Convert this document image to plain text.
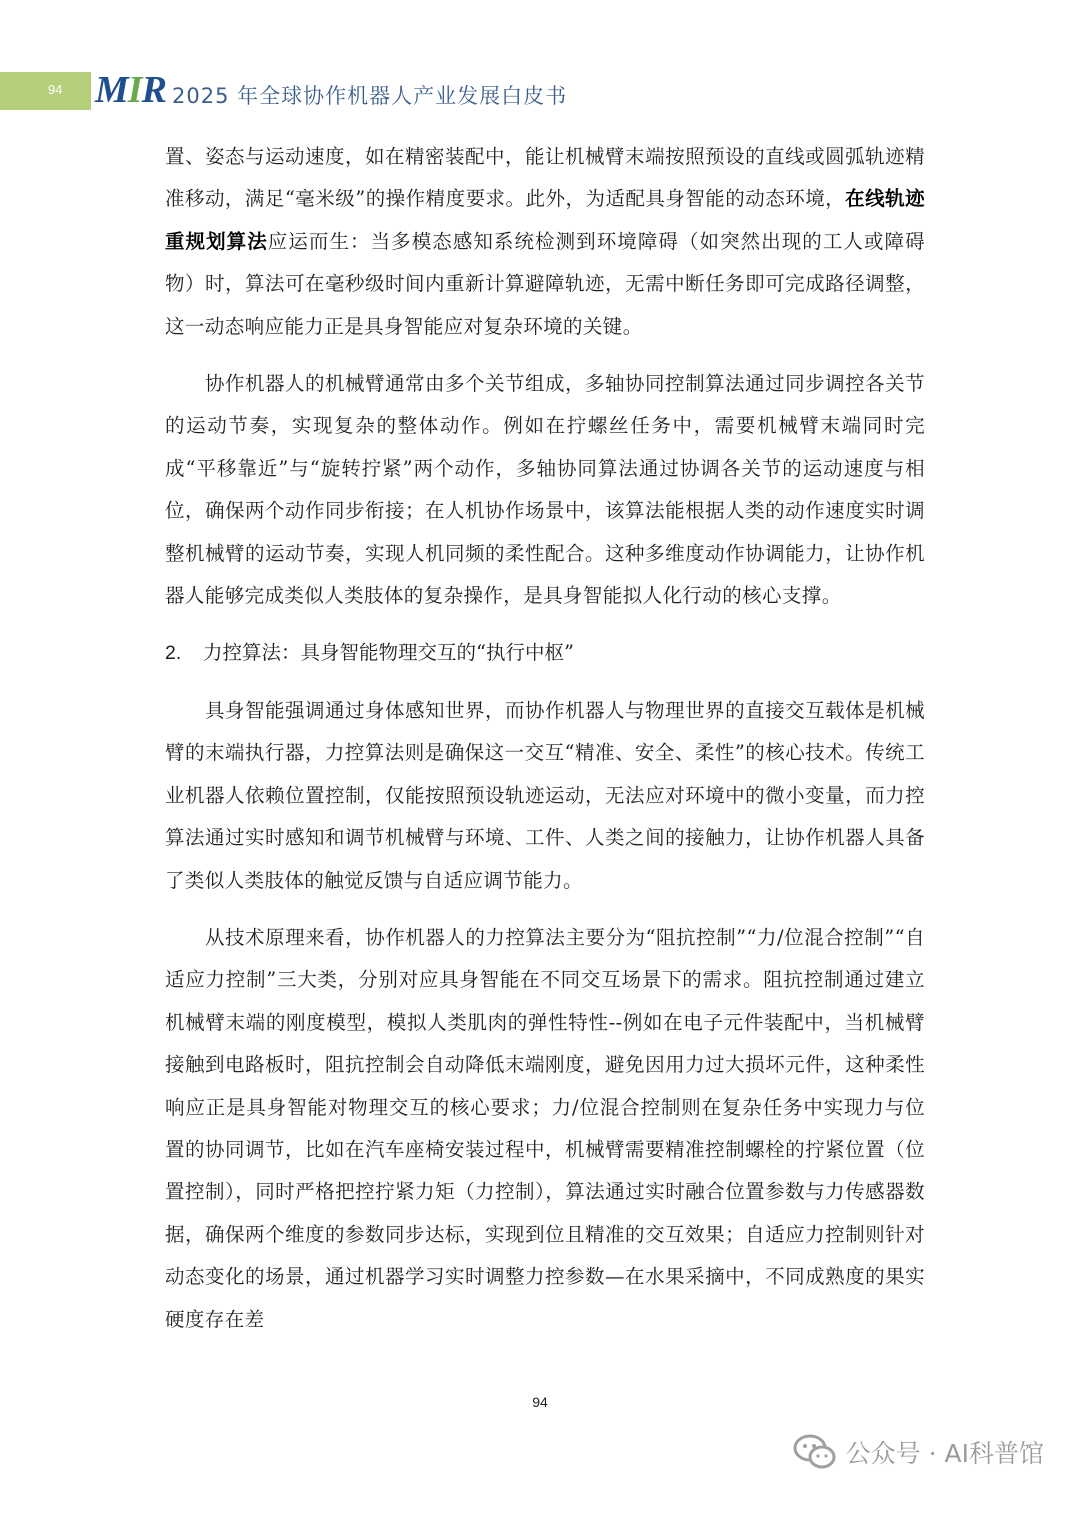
94 MIR 2025 年全球协作机器人产业发展白皮书

置、姿态与运动速度，如在精密装配中，能让机械臂末端按照预设的直线或圆弧轨迹精准移动，满足“毫米级”的操作精度要求。此外，为适配具身智能的动态环境，在线轨迹重规划算法应运而生：当多模态感知系统检测到环境障碍（如突然出现的工人或障碍物）时，算法可在毫秒级时间内重新计算避障轨迹，无需中断任务即可完成路径调整，这一动态响应能力正是具身智能应对复杂环境的关键。

协作机器人的机械臂通常由多个关节组成，多轴协同控制算法通过同步调控各关节的运动节奏，实现复杂的整体动作。例如在拧螺丝任务中，需要机械臂末端同时完成“平移靠近”与“旋转拧紧”两个动作，多轴协同算法通过协调各关节的运动速度与相位，确保两个动作同步衔接；在人机协作场景中，该算法能根据人类的动作速度实时调整机械臂的运动节奏，实现人机同频的柔性配合。这种多维度动作协调能力，让协作机器人能够完成类似人类肢体的复杂操作，是具身智能拟人化行动的核心支撑。

2. 力控算法：具身智能物理交互的“执行中枢”

具身智能强调通过身体感知世界，而协作机器人与物理世界的直接交互载体是机械臂的末端执行器，力控算法则是确保这一交互“精准、安全、柔性”的核心技术。传统工业机器人依赖位置控制，仅能按照预设轨迹运动，无法应对环境中的微小变量，而力控算法通过实时感知和调节机械臂与环境、工件、人类之间的接触力，让协作机器人具备了类似人类肢体的触觉反馈与自适应调节能力。

从技术原理来看，协作机器人的力控算法主要分为“阻抗控制”“力/位混合控制”“自适应力控制”三大类，分别对应具身智能在不同交互场景下的需求。阻抗控制通过建立机械臂末端的刚度模型，模拟人类肌肉的弹性特性--例如在电子元件装配中，当机械臂接触到电路板时，阻抗控制会自动降低末端刚度，避免因用力过大损坏元件，这种柔性响应正是具身智能对物理交互的核心要求；力/位混合控制则在复杂任务中实现力与位置的协同调节，比如在汽车座椅安装过程中，机械臂需要精准控制螺栓的拧紧位置（位置控制），同时严格把控拧紧力矩（力控制），算法通过实时融合位置参数与力传感器数据，确保两个维度的参数同步达标，实现到位且精准的交互效果；自适应力控制则针对动态变化的场景，通过机器学习实时调整力控参数—在水果采摘中，不同成熟度的果实硬度存在差

94
公众号 · AI科普馆
